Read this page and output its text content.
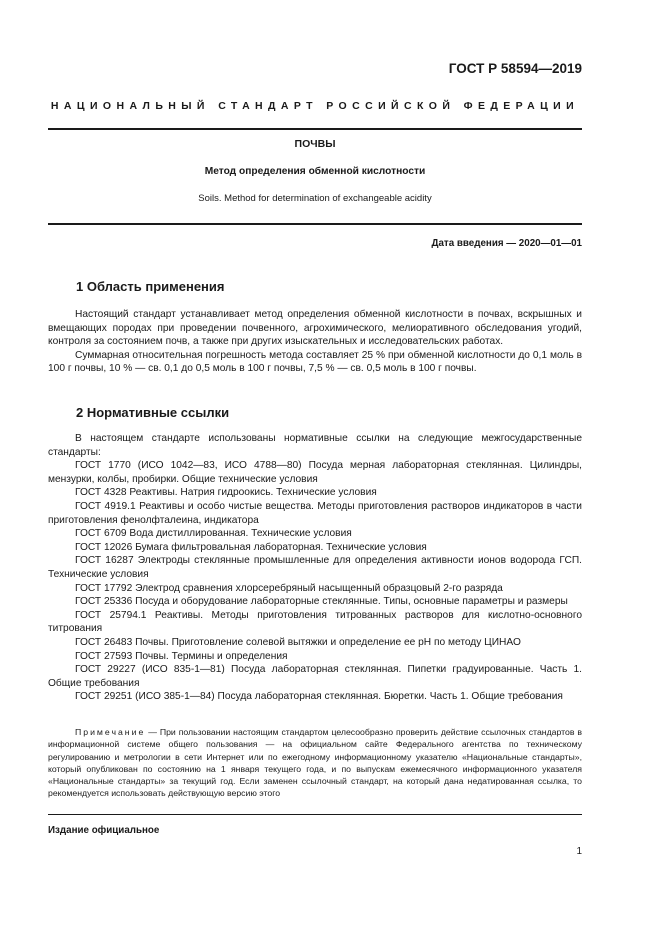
ГОСТ Р 58594—2019
НАЦИОНАЛЬНЫЙ СТАНДАРТ РОССИЙСКОЙ ФЕДЕРАЦИИ
ПОЧВЫ
Метод определения обменной кислотности
Soils. Method for determination of exchangeable acidity
Дата введения — 2020—01—01
1 Область применения

Настоящий стандарт устанавливает метод определения обменной кислотности в почвах, вскрышных и вмещающих породах при проведении почвенного, агрохимического, мелиоративного обследования угодий, контроля за состоянием почв, а также при других изыскательных и исследовательских работах.

Суммарная относительная погрешность метода составляет 25 % при обменной кислотности до 0,1 моль в 100 г почвы, 10 % — св. 0,1 до 0,5 моль в 100 г почвы, 7,5 % — св. 0,5 моль в 100 г почвы.

2 Нормативные ссылки

В настоящем стандарте использованы нормативные ссылки на следующие межгосударственные стандарты:

ГОСТ 1770 (ИСО 1042—83, ИСО 4788—80) Посуда мерная лабораторная стеклянная. Цилиндры, мензурки, колбы, пробирки. Общие технические условия

ГОСТ 4328 Реактивы. Натрия гидроокись. Технические условия

ГОСТ 4919.1 Реактивы и особо чистые вещества. Методы приготовления растворов индикаторов в части приготовления фенолфталеина, индикатора

ГОСТ 6709 Вода дистиллированная. Технические условия

ГОСТ 12026 Бумага фильтровальная лабораторная. Технические условия

ГОСТ 16287 Электроды стеклянные промышленные для определения активности ионов водорода ГСП. Технические условия

ГОСТ 17792 Электрод сравнения хлорсеребряный насыщенный образцовый 2-го разряда

ГОСТ 25336 Посуда и оборудование лабораторные стеклянные. Типы, основные параметры и размеры

ГОСТ 25794.1 Реактивы. Методы приготовления титрованных растворов для кислотно-основного титрования

ГОСТ 26483 Почвы. Приготовление солевой вытяжки и определение ее pH по методу ЦИНАО

ГОСТ 27593 Почвы. Термины и определения

ГОСТ 29227 (ИСО 835-1—81) Посуда лабораторная стеклянная. Пипетки градуированные. Часть 1. Общие требования

ГОСТ 29251 (ИСО 385-1—84) Посуда лабораторная стеклянная. Бюретки. Часть 1. Общие требования

Примечание — При пользовании настоящим стандартом целесообразно проверить действие ссылочных стандартов в информационной системе общего пользования — на официальном сайте Федерального агентства по техническому регулированию и метрологии в сети Интернет или по ежегодному информационному указателю «Национальные стандарты», который опубликован по состоянию на 1 января текущего года, и по выпускам ежемесячного информационного указателя «Национальные стандарты» за текущий год. Если заменен ссылочный стандарт, на который дана недатированная ссылка, то рекомендуется использовать действующую версию этого
Издание официальное
1
